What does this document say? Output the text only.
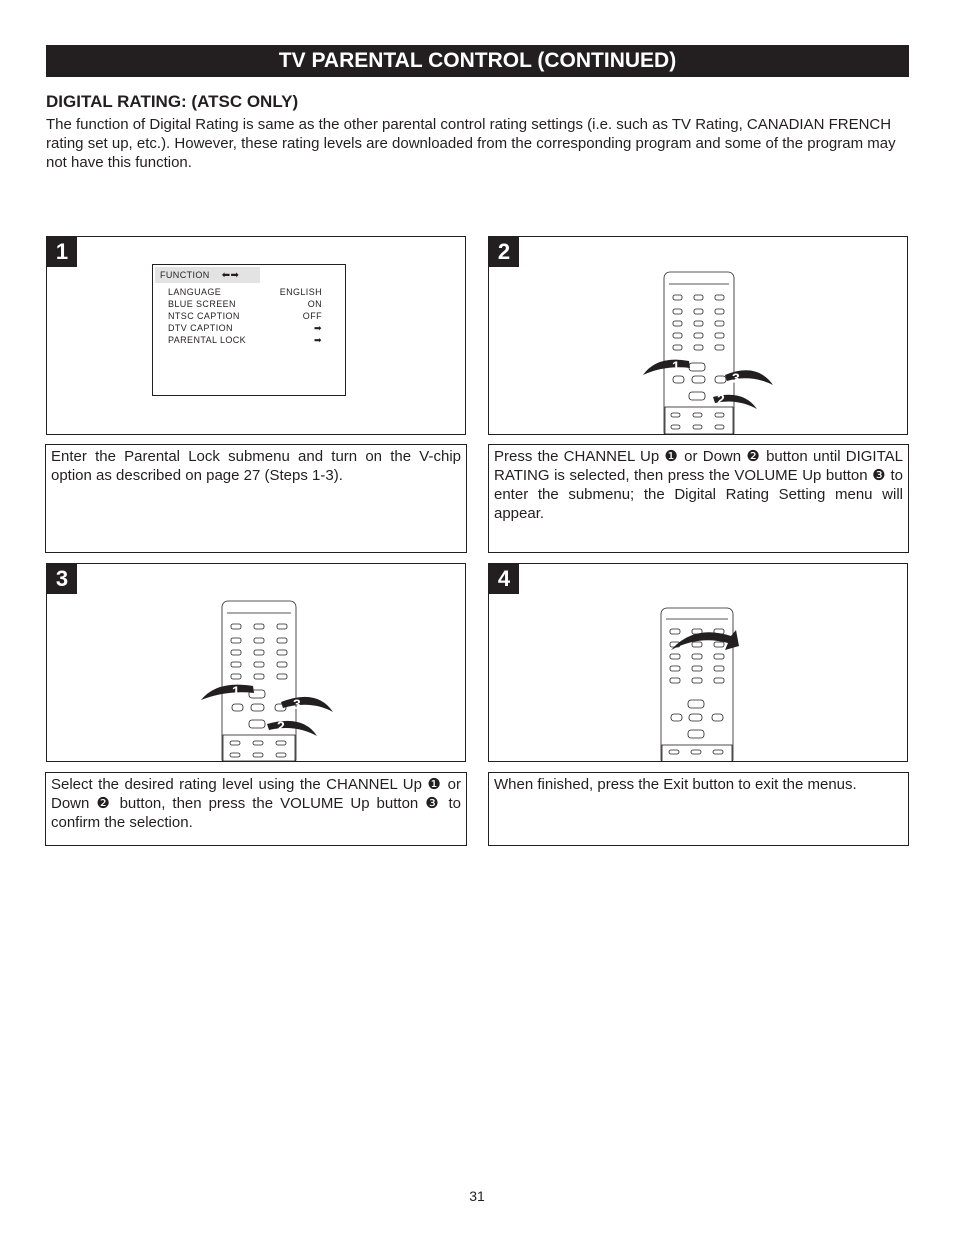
TV PARENTAL CONTROL (CONTINUED)
DIGITAL RATING: (ATSC ONLY)

The function of Digital Rating is same as the other parental control rating settings (i.e. such as TV Rating, CANADIAN FRENCH rating set up, etc.). However, these rating levels are downloaded from the corresponding program and some of the program may not have this function.

1
FUNCTION ⬅➡
LANGUAGE	ENGLISH
BLUE SCREEN	ON
NTSC CAPTION	OFF
DTV CAPTION	➡
PARENTAL LOCK	➡
Enter the Parental Lock submenu and turn on the V-chip option as described on page 27 (Steps 1-3).
2
1
3
2
Press the CHANNEL Up ❶ or Down ❷ button until DIGITAL RATING is selected, then press the VOLUME Up button ❸ to enter the submenu; the Digital Rating Setting menu will appear.
3
1
3
2
Select the desired rating level using the CHANNEL Up ❶ or Down ❷ button, then press the VOLUME Up button ❸ to confirm the selection.
4
When finished, press the Exit button to exit the menus.
31
